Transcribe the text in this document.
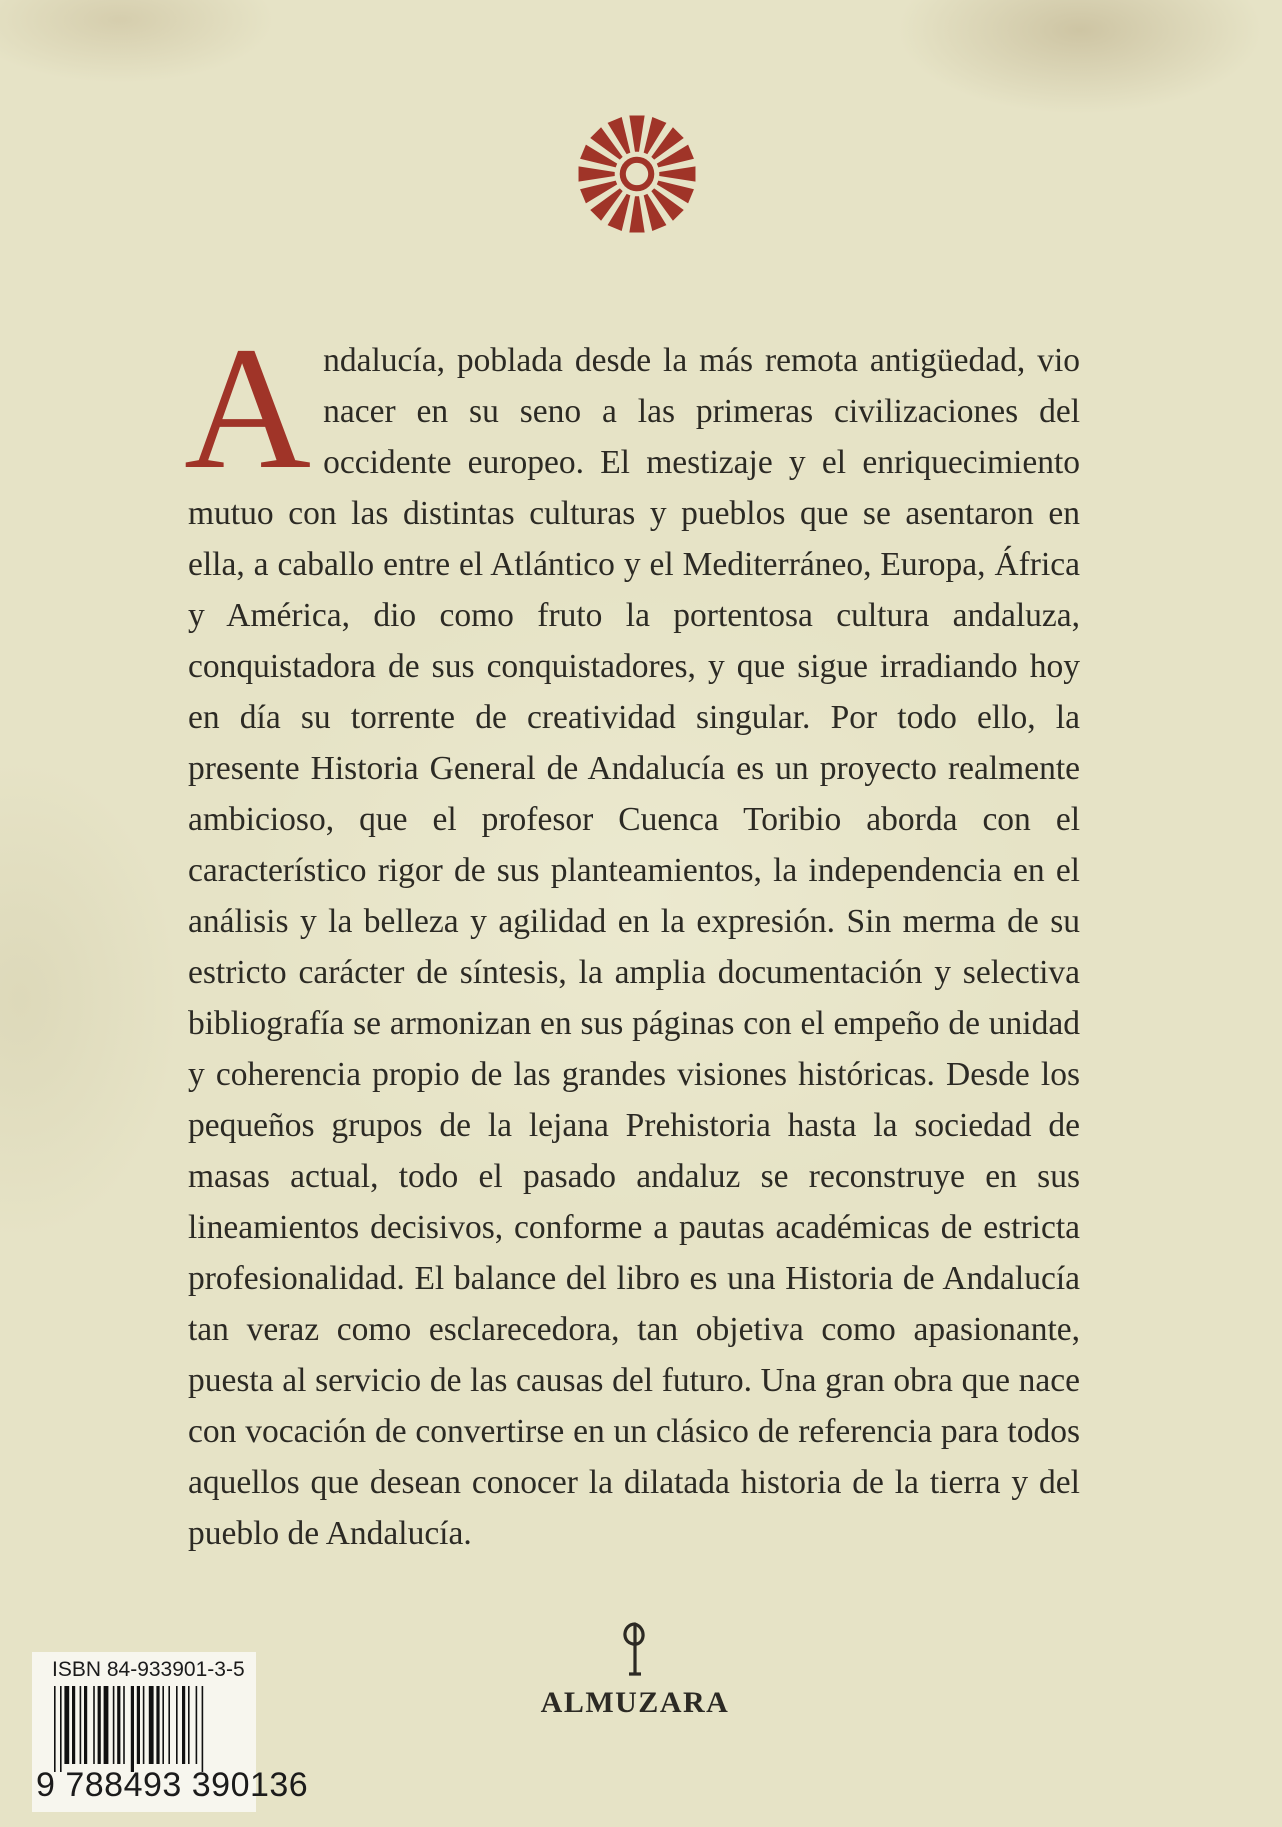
A ndalucía, poblada desde la más remota antigüedad, vio nacer en su seno a las primeras civilizaciones del occidente europeo. El mestizaje y el enriquecimiento mutuo con las distintas culturas y pueblos que se asentaron en ella, a caballo entre el Atlántico y el Mediterráneo, Europa, África y América, dio como fruto la portentosa cultura andaluza, conquistadora de sus conquistadores, y que sigue irradiando hoy en día su torrente de creatividad singular. Por todo ello, la presente Historia General de Andalucía es un proyecto realmente ambicioso, que el profesor Cuenca Toribio aborda con el característico rigor de sus planteamientos, la independencia en el análisis y la belleza y agilidad en la expresión. Sin merma de su estricto carácter de síntesis, la amplia documentación y selectiva bibliografía se armonizan en sus páginas con el empeño de unidad y coherencia propio de las grandes visiones históricas. Desde los pequeños grupos de la lejana Prehistoria hasta la sociedad de masas actual, todo el pasado andaluz se reconstruye en sus lineamientos decisivos, conforme a pautas académicas de estricta profesionalidad. El balance del libro es una Historia de Andalucía tan veraz como esclarecedora, tan objetiva como apasionante, puesta al servicio de las causas del futuro. Una gran obra que nace con vocación de convertirse en un clásico de referencia para todos aquellos que desean conocer la dilatada historia de la tierra y del pueblo de Andalucía.
ALMUZARA
ISBN 84-933901-3-5
9 788493 390136
